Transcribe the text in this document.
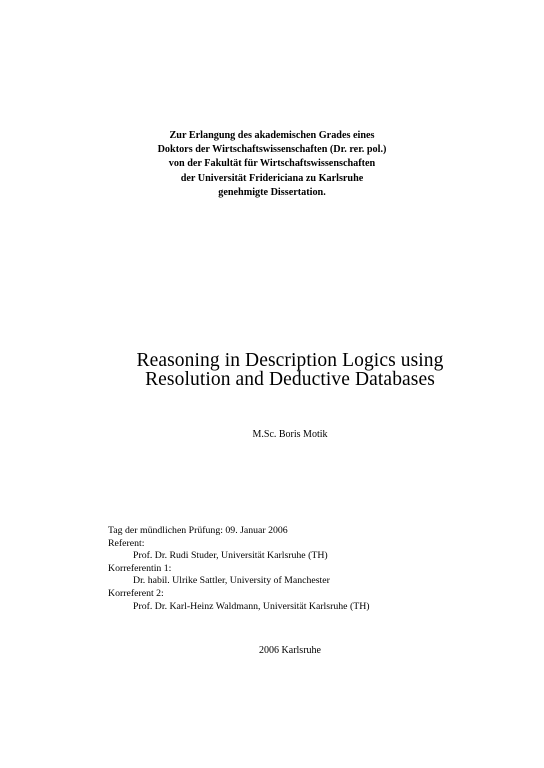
Zur Erlangung des akademischen Grades eines
Doktors der Wirtschaftswissenschaften (Dr. rer. pol.)
von der Fakultät für Wirtschaftswissenschaften
der Universität Fridericiana zu Karlsruhe
genehmigte Dissertation.
Reasoning in Description Logics using
Resolution and Deductive Databases
M.Sc. Boris Motik
Tag der mündlichen Prüfung: 09. Januar 2006
Referent:
Prof. Dr. Rudi Studer, Universität Karlsruhe (TH)
Korreferentin 1:
Dr. habil. Ulrike Sattler, University of Manchester
Korreferent 2:
Prof. Dr. Karl-Heinz Waldmann, Universität Karlsruhe (TH)
2006 Karlsruhe
